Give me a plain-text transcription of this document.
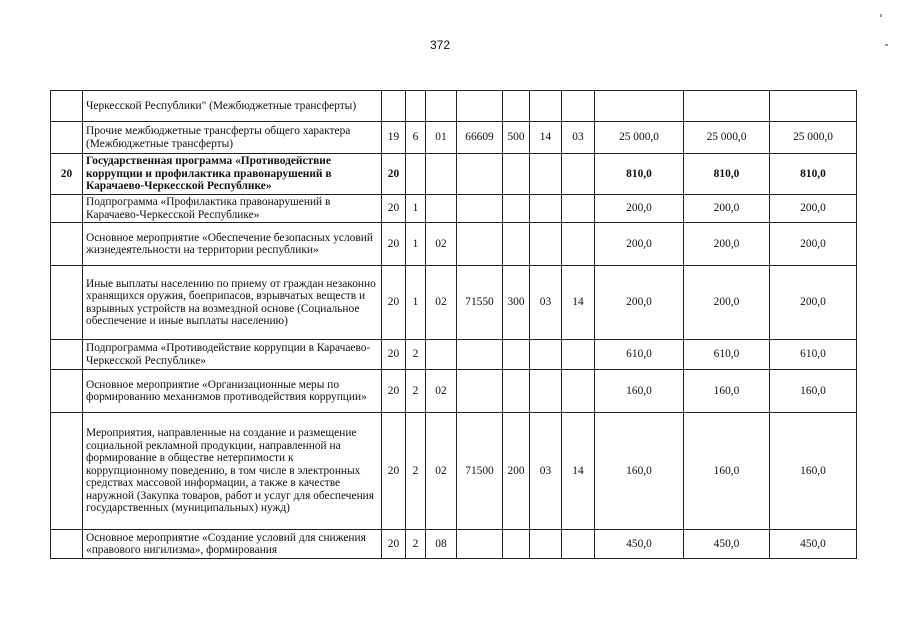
372
	Черкесской Республики" (Межбюджетные трансферты)										
	Прочие межбюджетные трансферты общего характера (Межбюджетные трансферты)	19	6	01	66609	500	14	03	25 000,0	25 000,0	25 000,0
20	Государственная программа «Противодействие коррупции и профилактика правонарушений в Карачаево-Черкесской Республике»	20							810,0	810,0	810,0
	Подпрограмма «Профилактика правонарушений в Карачаево-Черкесской Республике»	20	1						200,0	200,0	200,0
	Основное мероприятие «Обеспечение безопасных условий жизнедеятельности на территории республики»	20	1	02					200,0	200,0	200,0
	Иные выплаты населению по приему от граждан незаконно хранящихся оружия, боеприпасов, взрывчатых веществ и взрывных устройств на возмездной основе (Социальное обеспечение и иные выплаты населению)	20	1	02	71550	300	03	14	200,0	200,0	200,0
	Подпрограмма «Противодействие коррупции в Карачаево-Черкесской Республике»	20	2						610,0	610,0	610,0
	Основное мероприятие «Организационные меры по формированию механизмов противодействия коррупции»	20	2	02					160,0	160,0	160,0
	Мероприятия, направленные на создание и размещение социальной рекламной продукции, направленной на формирование в обществе нетерпимости к коррупционному поведению, в том числе в электронных средствах массовой информации, а также в качестве наружной (Закупка товаров, работ и услуг для обеспечения государственных (муниципальных) нужд)	20	2	02	71500	200	03	14	160,0	160,0	160,0
	Основное мероприятие «Создание условий для снижения «правового нигилизма», формирования	20	2	08					450,0	450,0	450,0
